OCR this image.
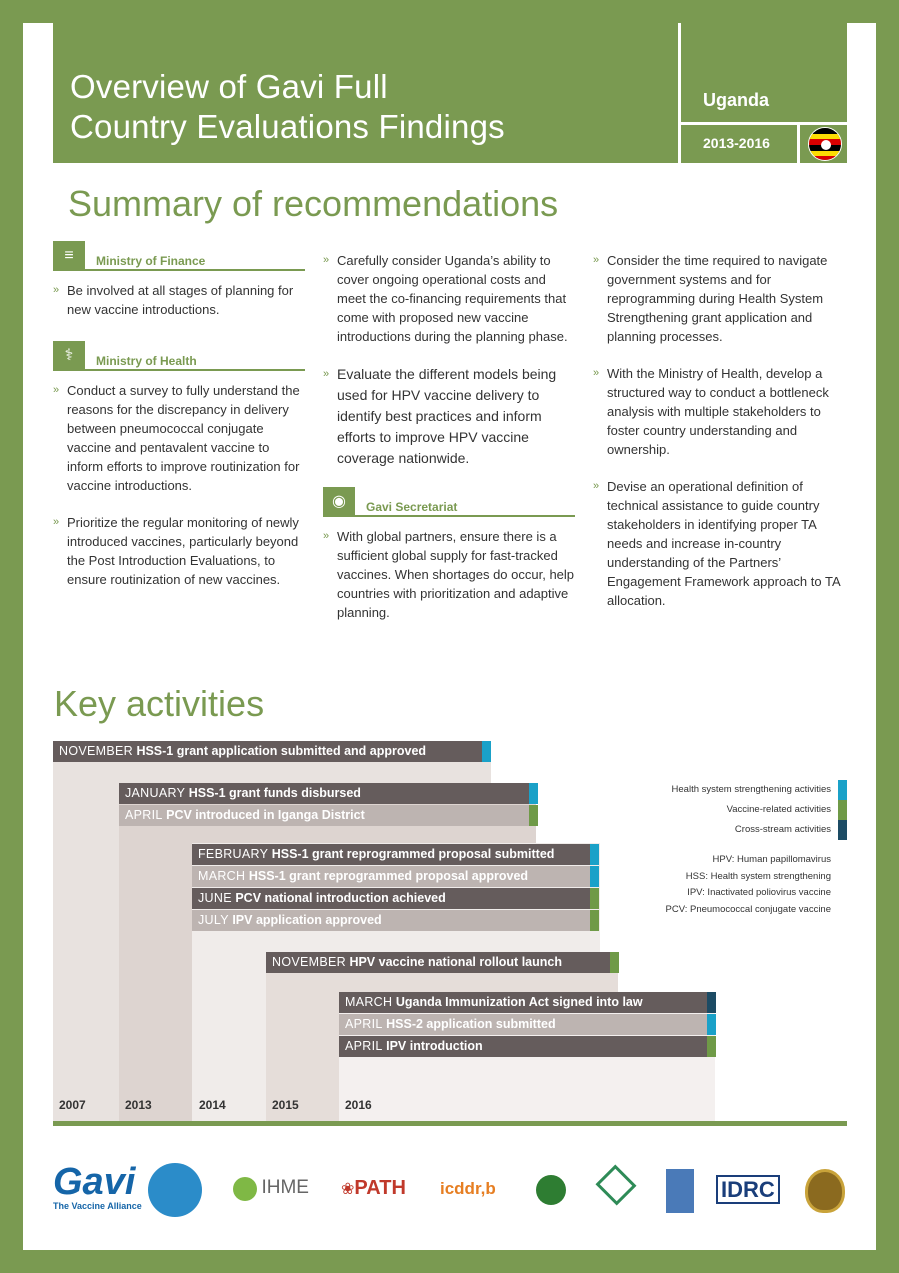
Overview of Gavi Full
Country Evaluations Findings
Uganda
2013-2016
Summary of recommendations
≡	Ministry of Finance
» Be involved at all stages of planning for new vaccine introductions.
⚕	Ministry of Health
» Conduct a survey to fully understand the reasons for the discrepancy in delivery between pneumococcal conjugate vaccine and pentavalent vaccine to inform efforts to improve routinization for vaccine introductions.
» Prioritize the regular monitoring of newly introduced vaccines, particularly beyond the Post Introduction Evaluations, to ensure routinization of new vaccines.
» Carefully consider Uganda’s ability to cover ongoing operational costs and meet the co-financing requirements that come with proposed new vaccine introductions during the planning phase.
» Evaluate the different models being used for HPV vaccine delivery to identify best practices and inform efforts to improve HPV vaccine coverage nationwide.
◉	Gavi Secretariat
» With global partners, ensure there is a sufficient global supply for fast-tracked vaccines. When shortages do occur, help countries with prioritization and adaptive planning.
» Consider the time required to navigate government systems and for reprogramming during Health System Strengthening grant application and planning processes.
» With the Ministry of Health, develop a structured way to conduct a bottleneck analysis with multiple stakeholders to foster country understanding and ownership.
» Devise an operational definition of technical assistance to guide country stakeholders in identifying proper TA needs and increase in-country understanding of the Partners’ Engagement Framework approach to TA allocation.
Key activities
NOVEMBER HSS-1 grant application submitted and approved
JANUARY HSS-1 grant funds disbursed
APRIL PCV introduced in Iganga District
FEBRUARY HSS-1 grant reprogrammed proposal submitted
MARCH HSS-1 grant reprogrammed proposal approved
JUNE PCV national introduction achieved
JULY IPV application approved
NOVEMBER HPV vaccine national rollout launch
MARCH Uganda Immunization Act signed into law
APRIL HSS-2 application submitted
APRIL IPV introduction
2007	2013	2014	2015	2016
Health system strengthening activities
Vaccine-related activities
Cross-stream activities
HPV: Human papillomavirus
HSS: Health system strengthening
IPV: Inactivated poliovirus vaccine
PCV: Pneumococcal conjugate vaccine
Gavi
The Vaccine Alliance
IHME ❀PATH icddr,b	IDRC
